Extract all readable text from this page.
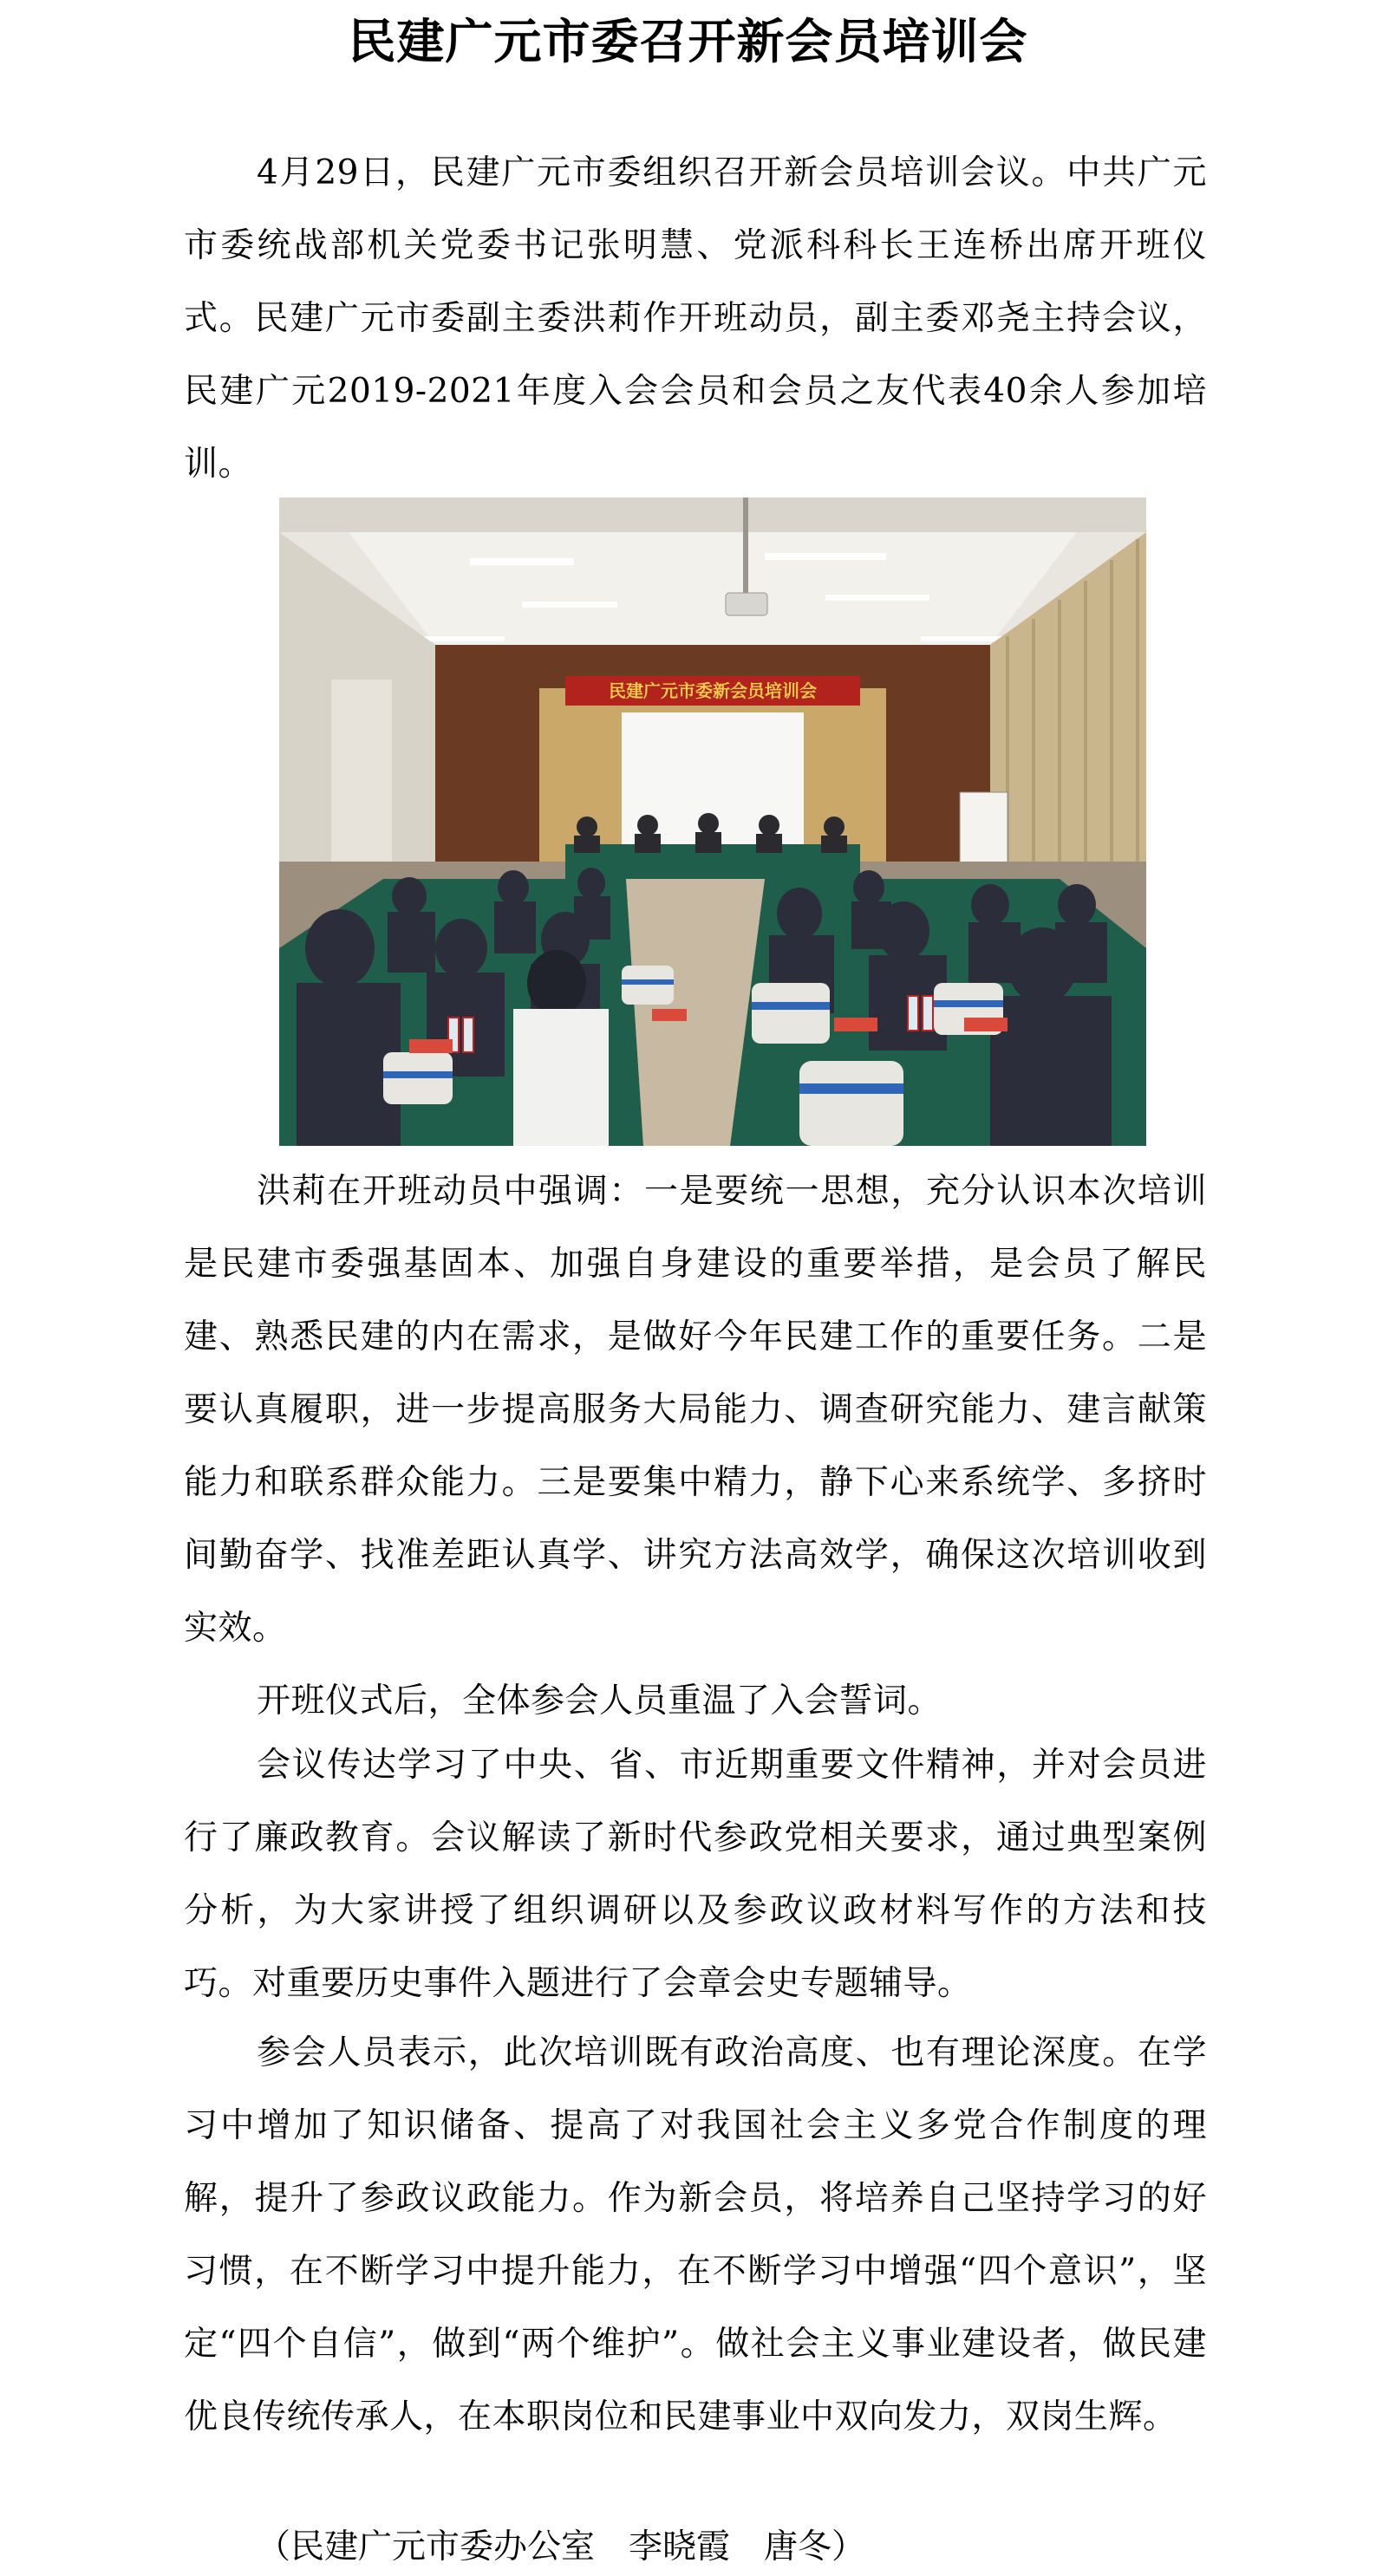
民建广元市委召开新会员培训会

4月29日，民建广元市委组织召开新会员培训会议。中共广元市委统战部机关党委书记张明慧、党派科科长王连桥出席开班仪式。民建广元市委副主委洪莉作开班动员，副主委邓尧主持会议，民建广元2019-2021年度入会会员和会员之友代表40余人参加培训。

民建广元市委新会员培训会

洪莉在开班动员中强调：一是要统一思想，充分认识本次培训是民建市委强基固本、加强自身建设的重要举措，是会员了解民建、熟悉民建的内在需求，是做好今年民建工作的重要任务。二是要认真履职，进一步提高服务大局能力、调查研究能力、建言献策能力和联系群众能力。三是要集中精力，静下心来系统学、多挤时间勤奋学、找准差距认真学、讲究方法高效学，确保这次培训收到实效。

开班仪式后，全体参会人员重温了入会誓词。

会议传达学习了中央、省、市近期重要文件精神，并对会员进行了廉政教育。会议解读了新时代参政党相关要求，通过典型案例分析，为大家讲授了组织调研以及参政议政材料写作的方法和技巧。对重要历史事件入题进行了会章会史专题辅导。

参会人员表示，此次培训既有政治高度、也有理论深度。在学习中增加了知识储备、提高了对我国社会主义多党合作制度的理解，提升了参政议政能力。作为新会员，将培养自己坚持学习的好习惯，在不断学习中提升能力，在不断学习中增强“四个意识”，坚定“四个自信”，做到“两个维护”。做社会主义事业建设者，做民建优良传统传承人，在本职岗位和民建事业中双向发力，双岗生辉。

（民建广元市委办公室　李晓霞　唐冬）
